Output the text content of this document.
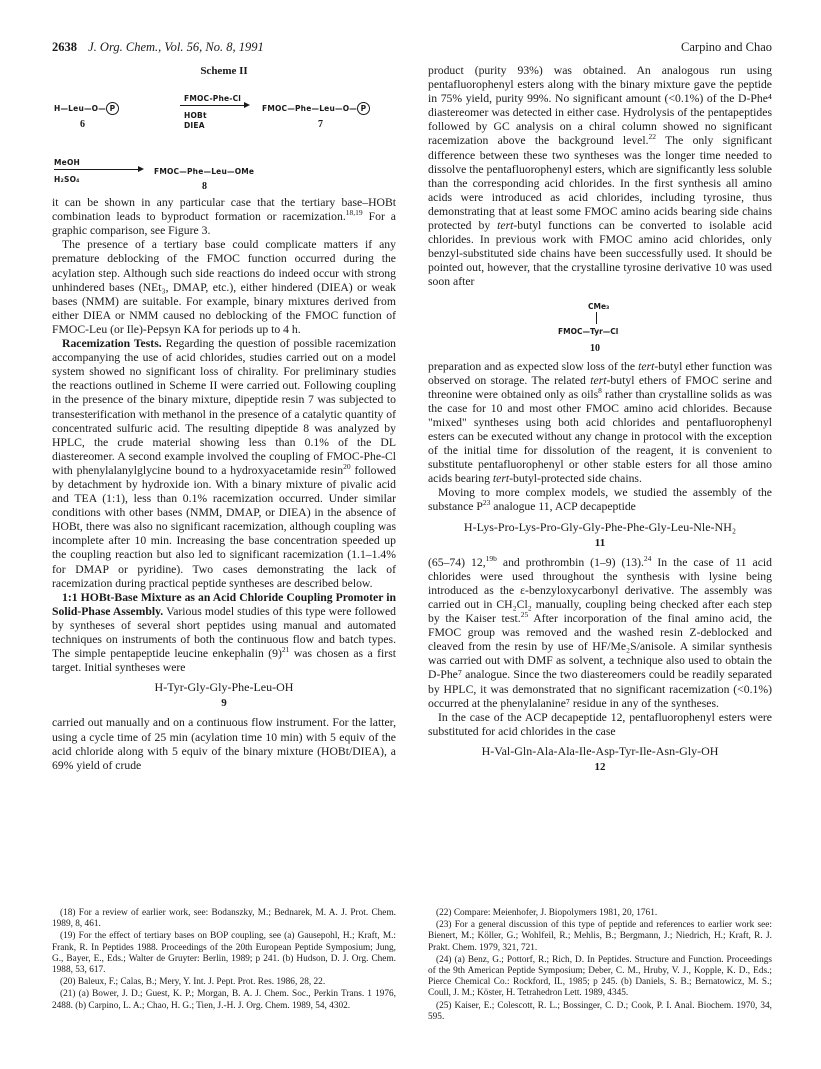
2638 J. Org. Chem., Vol. 56, No. 8, 1991	Carpino and Chao
Scheme II
H—Leu—O— P
6
FMOC-Phe-Cl
HOBt
DIEA
FMOC—Phe—Leu—O— P
7
MeOH
H₂SO₄
FMOC—Phe—Leu—OMe
8

it can be shown in any particular case that the tertiary base–HOBt combination leads to byproduct formation or racemization.$^{18,19}$ For a graphic comparison, see Figure 3.

The presence of a tertiary base could complicate matters if any premature deblocking of the FMOC function occurred during the acylation step. Although such side reactions do indeed occur with strong unhindered bases (NEt₃, DMAP, etc.), either hindered (DIEA) or weak bases (NMM) are suitable. For example, binary mixtures derived from either DIEA or NMM caused no deblocking of the FMOC function of FMOC-Leu (or Ile)-Pepsyn KA for periods up to 4 h.

Racemization Tests. Regarding the question of possible racemization accompanying the use of acid chlorides, studies carried out on a model system showed no significant loss of chirality. For preliminary studies the reactions outlined in Scheme II were carried out. Following coupling in the presence of the binary mixture, dipeptide resin 7 was subjected to transesterification with methanol in the presence of a catalytic quantity of concentrated sulfuric acid. The resulting dipeptide 8 was analyzed by HPLC, the crude material showing less than 0.1% of the DL diastereomer. A second example involved the coupling of FMOC-Phe-Cl with phenylalanylglycine bound to a hydroxyacetamide resin$^{20}$ followed by detachment by hydroxide ion. With a binary mixture of pivalic acid and TEA (1:1), less than 0.1% racemization occurred. Under similar conditions with other bases (NMM, DMAP, or DIEA) in the absence of HOBt, there was also no significant racemization, although coupling was incomplete after 10 min. Increasing the base concentration speeded up the coupling reaction but also led to significant racemization (1.1–1.4% for DMAP or pyridine). Two cases demonstrating the lack of racemization during practical peptide syntheses are described below.

1:1 HOBt-Base Mixture as an Acid Chloride Coupling Promoter in Solid-Phase Assembly. Various model studies of this type were followed by syntheses of several short peptides using manual and automated techniques on instruments of both the continuous flow and batch types. The simple pentapeptide leucine enkephalin $(9)^{21}$ was chosen as a first target. Initial syntheses were

H-Tyr-Gly-Gly-Phe-Leu-OH
9

carried out manually and on a continuous flow instrument. For the latter, using a cycle time of 25 min (acylation time 10 min) with 5 equiv of the acid chloride along with 5 equiv of the binary mixture (HOBt/DIEA), a 69% yield of crude

product (purity 93%) was obtained. An analogous run using pentafluorophenyl esters along with the binary mixture gave the peptide in 75% yield, purity 99%. No significant amount (<0.1%) of the D-Phe⁴ diastereomer was detected in either case. Hydrolysis of the pentapeptides followed by GC analysis on a chiral column showed no significant racemization above the background level.$^{22}$ The only significant difference between these two syntheses was the longer time needed to dissolve the pentafluorophenyl esters, which are significantly less soluble than the corresponding acid chlorides. In the first synthesis all amino acids were introduced as acid chlorides, including tyrosine, thus demonstrating that at least some FMOC amino acids bearing side chains protected by tert-butyl functions can be converted to isolable acid chlorides. In previous work with FMOC amino acid chlorides, only benzyl-substituted side chains have been successfully used. It should be pointed out, however, that the crystalline tyrosine derivative 10 was used soon after

CMe₃
FMOC—Tyr—Cl
10

preparation and as expected slow loss of the tert-butyl ether function was observed on storage. The related tert-butyl ethers of FMOC serine and threonine were obtained only as oils$^8$ rather than crystalline solids as was the case for 10 and most other FMOC amino acid chlorides. Because "mixed" syntheses using both acid chlorides and pentafluorophenyl esters can be executed without any change in protocol with the exception of the initial time for dissolution of the reagent, it is convenient to substitute pentafluorophenyl or other stable esters for all those amino acids bearing tert-butyl-protected side chains.

Moving to more complex models, we studied the assembly of the substance $P^{23}$ analogue 11, ACP decapeptide

H-Lys-Pro-Lys-Pro-Gly-Gly-Phe-Phe-Gly-Leu-Nle-NH₂
11

(65–74) 12,$^{19b}$ and prothrombin (1–9) (13).$^{24}$ In the case of 11 acid chlorides were used throughout the synthesis with lysine being introduced as the ε-benzyloxycarbonyl derivative. The assembly was carried out in CH₂Cl₂ manually, coupling being checked after each step by the Kaiser test.$^{25}$ After incorporation of the final amino acid, the FMOC group was removed and the washed resin Z-deblocked and cleaved from the resin by use of HF/Me₂S/anisole. A similar synthesis was carried out with DMF as solvent, a technique also used to obtain the D-Phe⁷ analogue. Since the two diastereomers could be readily separated by HPLC, it was demonstrated that no significant racemization (<0.1%) occurred at the phenylalanine⁷ residue in any of the syntheses.

In the case of the ACP decapeptide 12, pentafluorophenyl esters were substituted for acid chlorides in the case

H-Val-Gln-Ala-Ala-Ile-Asp-Tyr-Ile-Asn-Gly-OH
12

(18) For a review of earlier work, see: Bodanszky, M.; Bednarek, M. A. J. Prot. Chem. 1989, 8, 461.

(19) For the effect of tertiary bases on BOP coupling, see (a) Gausepohl, H.; Kraft, M.: Frank, R. In Peptides 1988. Proceedings of the 20th European Peptide Symposium; Jung, G., Bayer, E., Eds.; Walter de Gruyter: Berlin, 1989; p 241. (b) Hudson, D. J. Org. Chem. 1988, 53, 617.

(20) Baleux, F.; Calas, B.; Mery, Y. Int. J. Pept. Prot. Res. 1986, 28, 22.

(21) (a) Bower, J. D.; Guest, K. P.; Morgan, B. A. J. Chem. Soc., Perkin Trans. 1 1976, 2488. (b) Carpino, L. A.; Chao, H. G.; Tien, J.-H. J. Org. Chem. 1989, 54, 4302.

(22) Compare: Meienhofer, J. Biopolymers 1981, 20, 1761.

(23) For a general discussion of this type of peptide and references to earlier work see: Bienert, M.; Köller, G.; Wohlfeil, R.; Mehlis, B.; Bergmann, J.; Niedrich, H.; Kraft, R. J. Prakt. Chem. 1979, 321, 721.

(24) (a) Benz, G.; Pottorf, R.; Rich, D. In Peptides. Structure and Function. Proceedings of the 9th American Peptide Symposium; Deber, C. M., Hruby, V. J., Kopple, K. D., Eds.; Pierce Chemical Co.: Rockford, IL, 1985; p 245. (b) Daniels, S. B.; Bernatowicz, M. S.; Coull, J. M.; Köster, H. Tetrahedron Lett. 1989, 4345.

(25) Kaiser, E.; Colescott, R. L.; Bossinger, C. D.; Cook, P. I. Anal. Biochem. 1970, 34, 595.
